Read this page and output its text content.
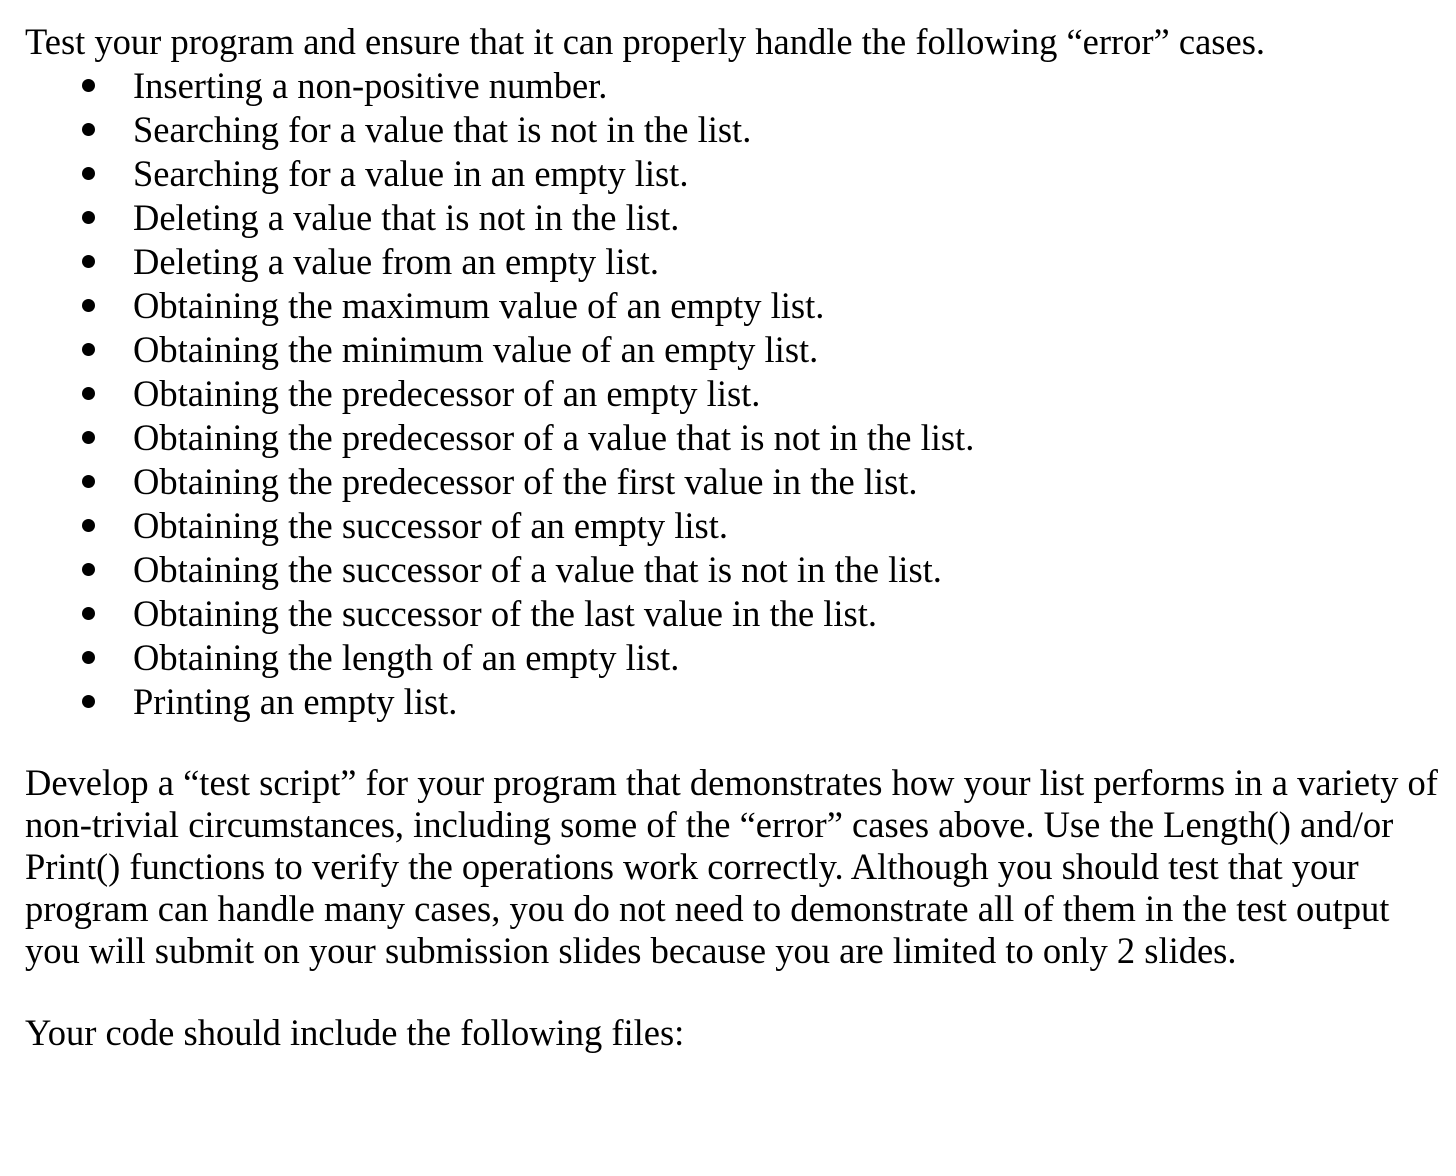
Test your program and ensure that it can properly handle the following “error” cases.
Inserting a non-positive number.
Searching for a value that is not in the list.
Searching for a value in an empty list.
Deleting a value that is not in the list.
Deleting a value from an empty list.
Obtaining the maximum value of an empty list.
Obtaining the minimum value of an empty list.
Obtaining the predecessor of an empty list.
Obtaining the predecessor of a value that is not in the list.
Obtaining the predecessor of the first value in the list.
Obtaining the successor of an empty list.
Obtaining the successor of a value that is not in the list.
Obtaining the successor of the last value in the list.
Obtaining the length of an empty list.
Printing an empty list.
Develop a “test script” for your program that demonstrates how your list performs in a variety of
non-trivial circumstances, including some of the “error” cases above. Use the Length() and/or
Print() functions to verify the operations work correctly. Although you should test that your
program can handle many cases, you do not need to demonstrate all of them in the test output
you will submit on your submission slides because you are limited to only 2 slides.
Your code should include the following files:
